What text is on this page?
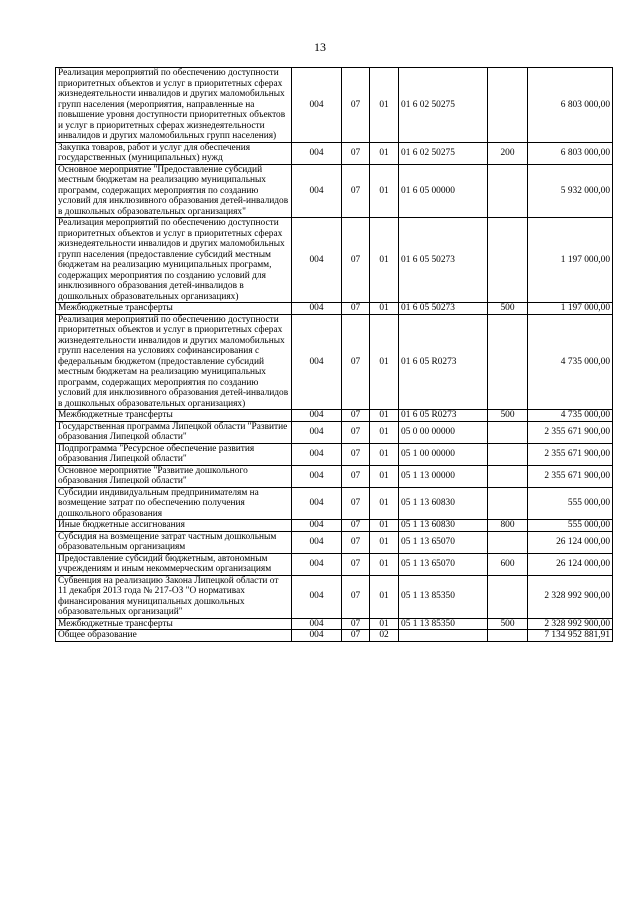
13
Реализация мероприятий по обеспечению доступности приоритетных объектов и услуг в приоритетных сферах жизнедеятельности инвалидов и других маломобильных групп населения (мероприятия, направленные на повышение уровня доступности приоритетных объектов и услуг в приоритетных сферах жизнедеятельности инвалидов и других маломобильных групп населения)	004	07	01	01 6 02 50275		6 803 000,00
Закупка товаров, работ и услуг для обеспечения государственных (муниципальных) нужд	004	07	01	01 6 02 50275	200	6 803 000,00
Основное мероприятие "Предоставление субсидий местным бюджетам на реализацию муниципальных программ, содержащих мероприятия по созданию условий для инклюзивного образования детей-инвалидов в дошкольных образовательных организациях"	004	07	01	01 6 05 00000		5 932 000,00
Реализация мероприятий по обеспечению доступности приоритетных объектов и услуг в приоритетных сферах жизнедеятельности инвалидов и других маломобильных групп населения (предоставление субсидий местным бюджетам на реализацию муниципальных программ, содержащих мероприятия по созданию условий для инклюзивного образования детей-инвалидов в дошкольных образовательных организациях)	004	07	01	01 6 05 50273		1 197 000,00
Межбюджетные трансферты	004	07	01	01 6 05 50273	500	1 197 000,00
Реализация мероприятий по обеспечению доступности приоритетных объектов и услуг в приоритетных сферах жизнедеятельности инвалидов и других маломобильных групп населения на условиях софинансирования с федеральным бюджетом (предоставление субсидий местным бюджетам на реализацию муниципальных программ, содержащих мероприятия по созданию условий для инклюзивного образования детей-инвалидов в дошкольных образовательных организациях)	004	07	01	01 6 05 R0273		4 735 000,00
Межбюджетные трансферты	004	07	01	01 6 05 R0273	500	4 735 000,00
Государственная программа Липецкой области "Развитие образования Липецкой области"	004	07	01	05 0 00 00000		2 355 671 900,00
Подпрограмма "Ресурсное обеспечение развития образования Липецкой области"	004	07	01	05 1 00 00000		2 355 671 900,00
Основное мероприятие "Развитие дошкольного образования Липецкой области"	004	07	01	05 1 13 00000		2 355 671 900,00
Субсидии индивидуальным предпринимателям на возмещение затрат по обеспечению получения дошкольного образования	004	07	01	05 1 13 60830		555 000,00
Иные бюджетные ассигнования	004	07	01	05 1 13 60830	800	555 000,00
Субсидия на возмещение затрат частным дошкольным образовательным организациям	004	07	01	05 1 13 65070		26 124 000,00
Предоставление субсидий бюджетным, автономным учреждениям и иным некоммерческим организациям	004	07	01	05 1 13 65070	600	26 124 000,00
Субвенция на реализацию Закона Липецкой области от 11 декабря 2013 года № 217-ОЗ "О нормативах финансирования муниципальных дошкольных образовательных организаций"	004	07	01	05 1 13 85350		2 328 992 900,00
Межбюджетные трансферты	004	07	01	05 1 13 85350	500	2 328 992 900,00
Общее образование	004	07	02			7 134 952 881,91
